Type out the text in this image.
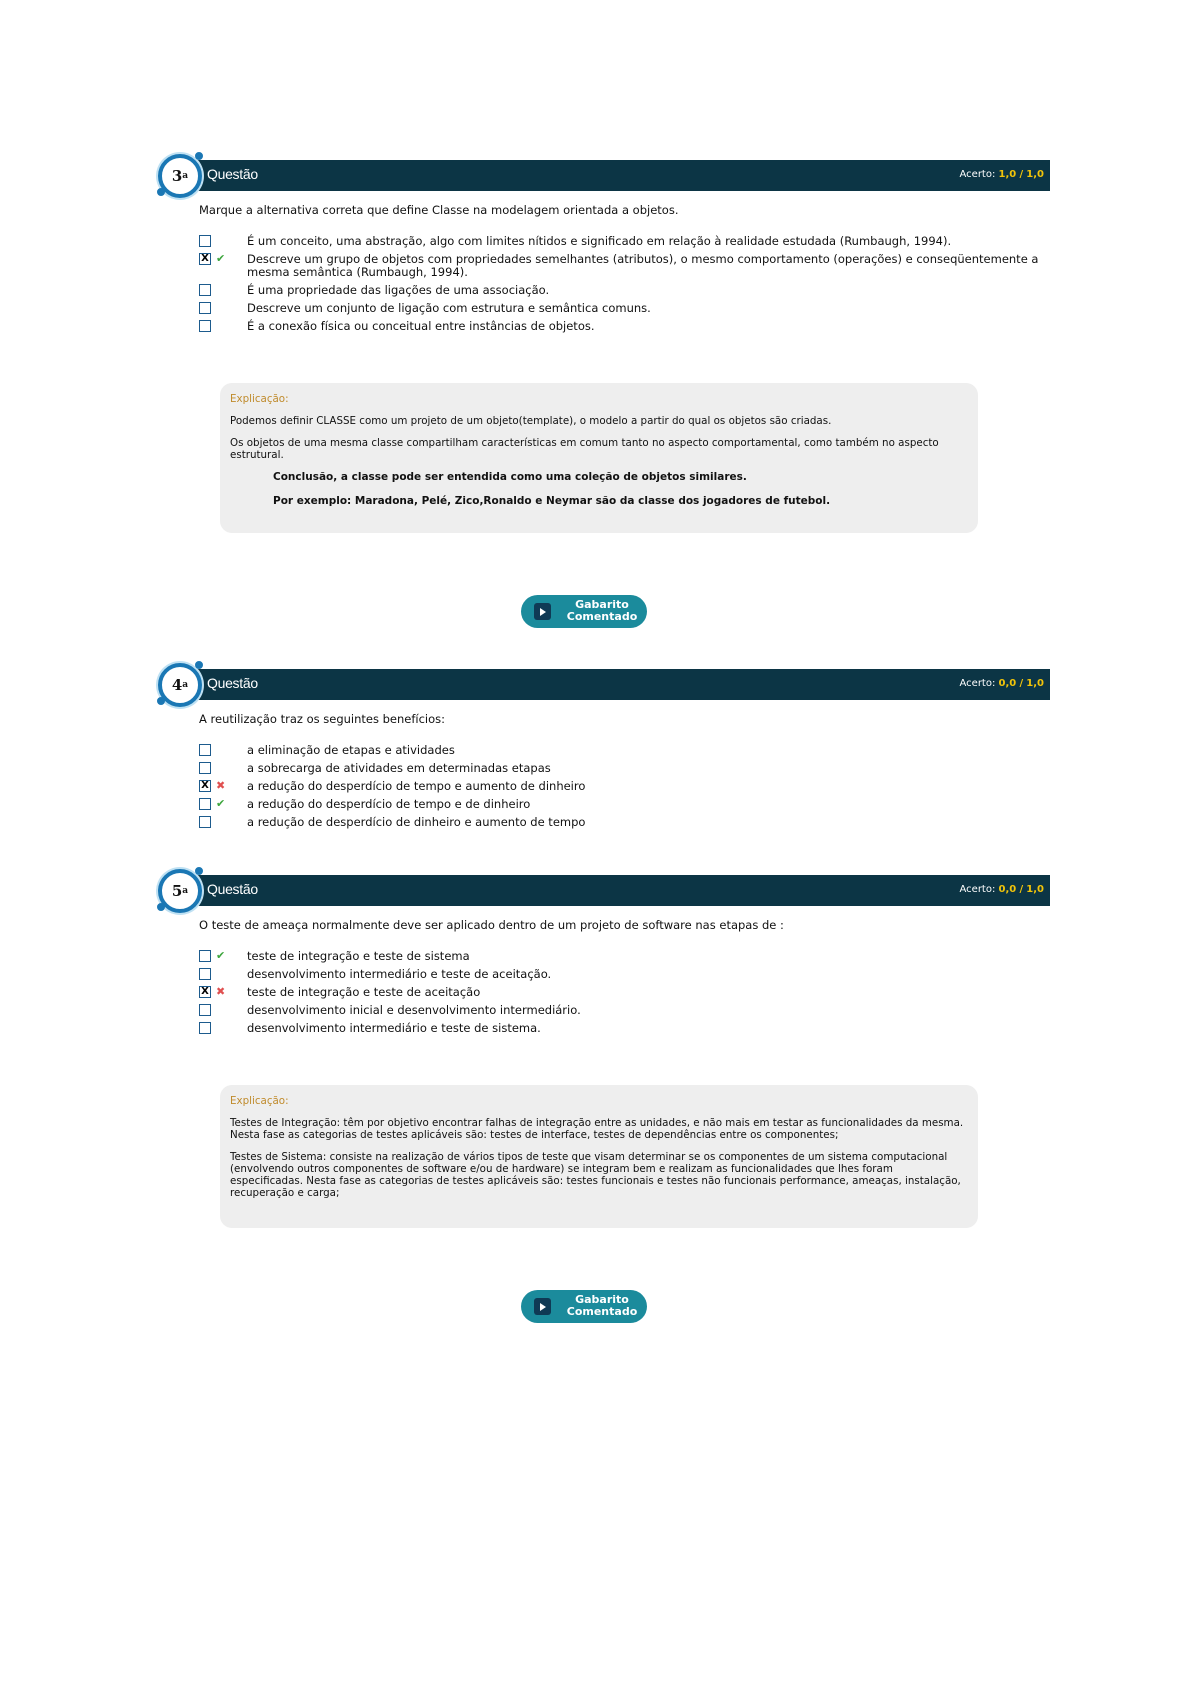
3 a Questão	Acerto: 1,0 / 1,0
Marque a alternativa correta que define Classe na modelagem orientada a objetos.
É um conceito, uma abstração, algo com limites nítidos e significado em relação à realidade estudada (Rumbaugh, 1994).
X ✔ Descreve um grupo de objetos com propriedades semelhantes (atributos), o mesmo comportamento (operações) e conseqüentemente a mesma semântica (Rumbaugh, 1994).
É uma propriedade das ligações de uma associação.
Descreve um conjunto de ligação com estrutura e semântica comuns.
É a conexão física ou conceitual entre instâncias de objetos.
Explicação:

Podemos definir CLASSE como um projeto de um objeto(template), o modelo a partir do qual os objetos são criadas.

Os objetos de uma mesma classe compartilham características em comum tanto no aspecto comportamental, como também no aspecto estrutural.

Conclusão, a classe pode ser entendida como uma coleção de objetos similares.

Por exemplo: Maradona, Pelé, Zico,Ronaldo e Neymar são da classe dos jogadores de futebol.

Gabarito
Comentado
4 a Questão	Acerto: 0,0 / 1,0
A reutilização traz os seguintes benefícios:
a eliminação de etapas e atividades
a sobrecarga de atividades em determinadas etapas
X ✖ a redução do desperdício de tempo e aumento de dinheiro
✔ a redução do desperdício de tempo e de dinheiro
a redução de desperdício de dinheiro e aumento de tempo
5 a Questão	Acerto: 0,0 / 1,0
O teste de ameaça normalmente deve ser aplicado dentro de um projeto de software nas etapas de :
✔ teste de integração e teste de sistema
desenvolvimento intermediário e teste de aceitação.
X ✖ teste de integração e teste de aceitação
desenvolvimento inicial e desenvolvimento intermediário.
desenvolvimento intermediário e teste de sistema.
Explicação:

Testes de Integração: têm por objetivo encontrar falhas de integração entre as unidades, e não mais em testar as funcionalidades da mesma. Nesta fase as categorias de testes aplicáveis são: testes de interface, testes de dependências entre os componentes;

Testes de Sistema: consiste na realização de vários tipos de teste que visam determinar se os componentes de um sistema computacional (envolvendo outros componentes de software e/ou de hardware) se integram bem e realizam as funcionalidades que lhes foram especificadas. Nesta fase as categorias de testes aplicáveis são: testes funcionais e testes não funcionais performance, ameaças, instalação, recuperação e carga;

Gabarito
Comentado
